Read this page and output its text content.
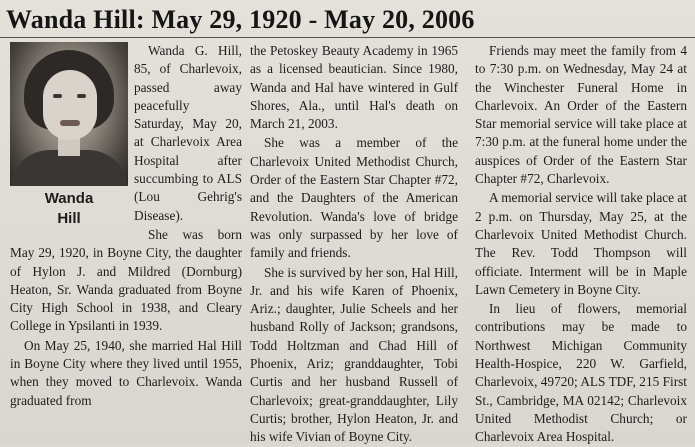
Wanda Hill: May 29, 1920 - May 20, 2006
Wanda
Hill

Wanda G. Hill, 85, of Charlevoix, passed away peacefully Saturday, May 20, at Charlevoix Area Hospital after succumbing to ALS (Lou Gehrig's Disease).

She was born May 29, 1920, in Boyne City, the daughter of Hylon J. and Mildred (Dornburg) Heaton, Sr. Wanda graduated from Boyne City High School in 1938, and Cleary College in Ypsilanti in 1939.

On May 25, 1940, she married Hal Hill in Boyne City where they lived until 1955, when they moved to Charlevoix. Wanda graduated from

the Petoskey Beauty Academy in 1965 as a licensed beautician. Since 1980, Wanda and Hal have wintered in Gulf Shores, Ala., until Hal's death on March 21, 2003.

She was a member of the Charlevoix United Methodist Church, Order of the Eastern Star Chapter #72, and the Daughters of the American Revolution. Wanda's love of bridge was only surpassed by her love of family and friends.

She is survived by her son, Hal Hill, Jr. and his wife Karen of Phoenix, Ariz.; daughter, Julie Scheels and her husband Rolly of Jackson; grandsons, Todd Holtzman and Chad Hill of Phoenix, Ariz; granddaughter, Tobi Curtis and her husband Russell of Charlevoix; great-granddaughter, Lily Curtis; brother, Hylon Heaton, Jr. and his wife Vivian of Boyne City.

Friends may meet the family from 4 to 7:30 p.m. on Wednesday, May 24 at the Winchester Funeral Home in Charlevoix. An Order of the Eastern Star memorial service will take place at 7:30 p.m. at the funeral home under the auspices of Order of the Eastern Star Chapter #72, Charlevoix.

A memorial service will take place at 2 p.m. on Thursday, May 25, at the Charlevoix United Methodist Church. The Rev. Todd Thompson will officiate. Interment will be in Maple Lawn Cemetery in Boyne City.

In lieu of flowers, memorial contributions may be made to Northwest Michigan Community Health-Hospice, 220 W. Garfield, Charlevoix, 49720; ALS TDF, 215 First St., Cambridge, MA 02142; Charlevoix United Methodist Church; or Charlevoix Area Hospital.
